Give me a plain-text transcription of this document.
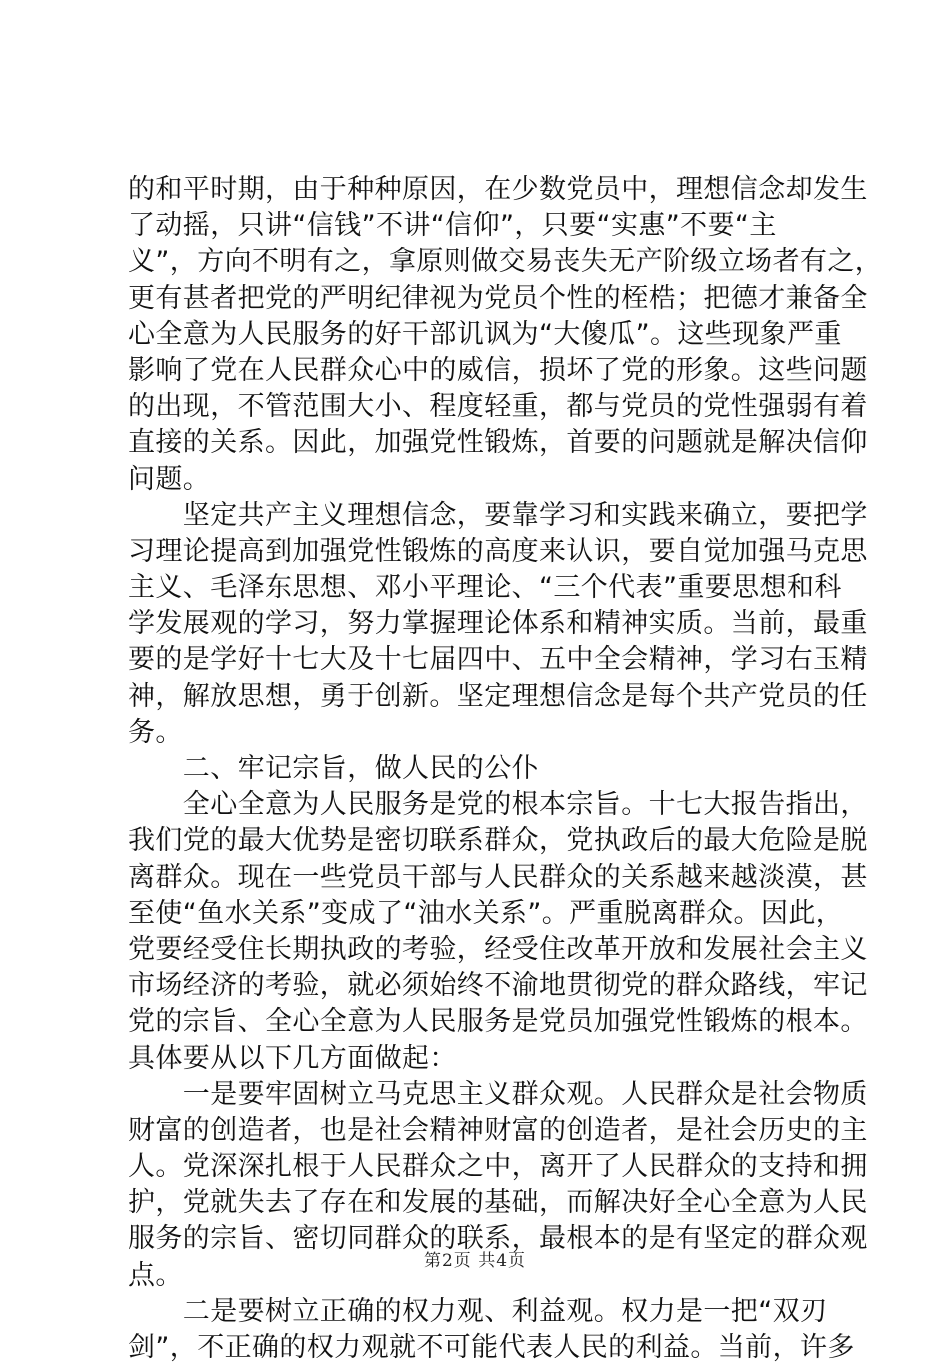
的和平时期，由于种种原因，在少数党员中，理想信念却发生
了动摇，只讲“信钱”不讲“信仰”，只要“实惠”不要“主
义”，方向不明有之，拿原则做交易丧失无产阶级立场者有之，
更有甚者把党的严明纪律视为党员个性的桎梏；把德才兼备全
心全意为人民服务的好干部讥讽为“大傻瓜”。这些现象严重
影响了党在人民群众心中的威信，损坏了党的形象。这些问题
的出现，不管范围大小、程度轻重，都与党员的党性强弱有着
直接的关系。因此，加强党性锻炼，首要的问题就是解决信仰
问题。
　　坚定共产主义理想信念，要靠学习和实践来确立，要把学
习理论提高到加强党性锻炼的高度来认识，要自觉加强马克思
主义、毛泽东思想、邓小平理论、“三个代表”重要思想和科
学发展观的学习，努力掌握理论体系和精神实质。当前，最重
要的是学好十七大及十七届四中、五中全会精神，学习右玉精
神，解放思想，勇于创新。坚定理想信念是每个共产党员的任
务。
　　二、牢记宗旨，做人民的公仆
　　全心全意为人民服务是党的根本宗旨。十七大报告指出，
我们党的最大优势是密切联系群众，党执政后的最大危险是脱
离群众。现在一些党员干部与人民群众的关系越来越淡漠，甚
至使“鱼水关系”变成了“油水关系”。严重脱离群众。因此，
党要经受住长期执政的考验，经受住改革开放和发展社会主义
市场经济的考验，就必须始终不渝地贯彻党的群众路线，牢记
党的宗旨、全心全意为人民服务是党员加强党性锻炼的根本。
具体要从以下几方面做起：
　　一是要牢固树立马克思主义群众观。人民群众是社会物质
财富的创造者，也是社会精神财富的创造者，是社会历史的主
人。党深深扎根于人民群众之中，离开了人民群众的支持和拥
护，党就失去了存在和发展的基础，而解决好全心全意为人民
服务的宗旨、密切同群众的联系，最根本的是有坚定的群众观
点。
　　二是要树立正确的权力观、利益观。权力是一把“双刃
剑”，不正确的权力观就不可能代表人民的利益。当前，许多
第2页 共4页
